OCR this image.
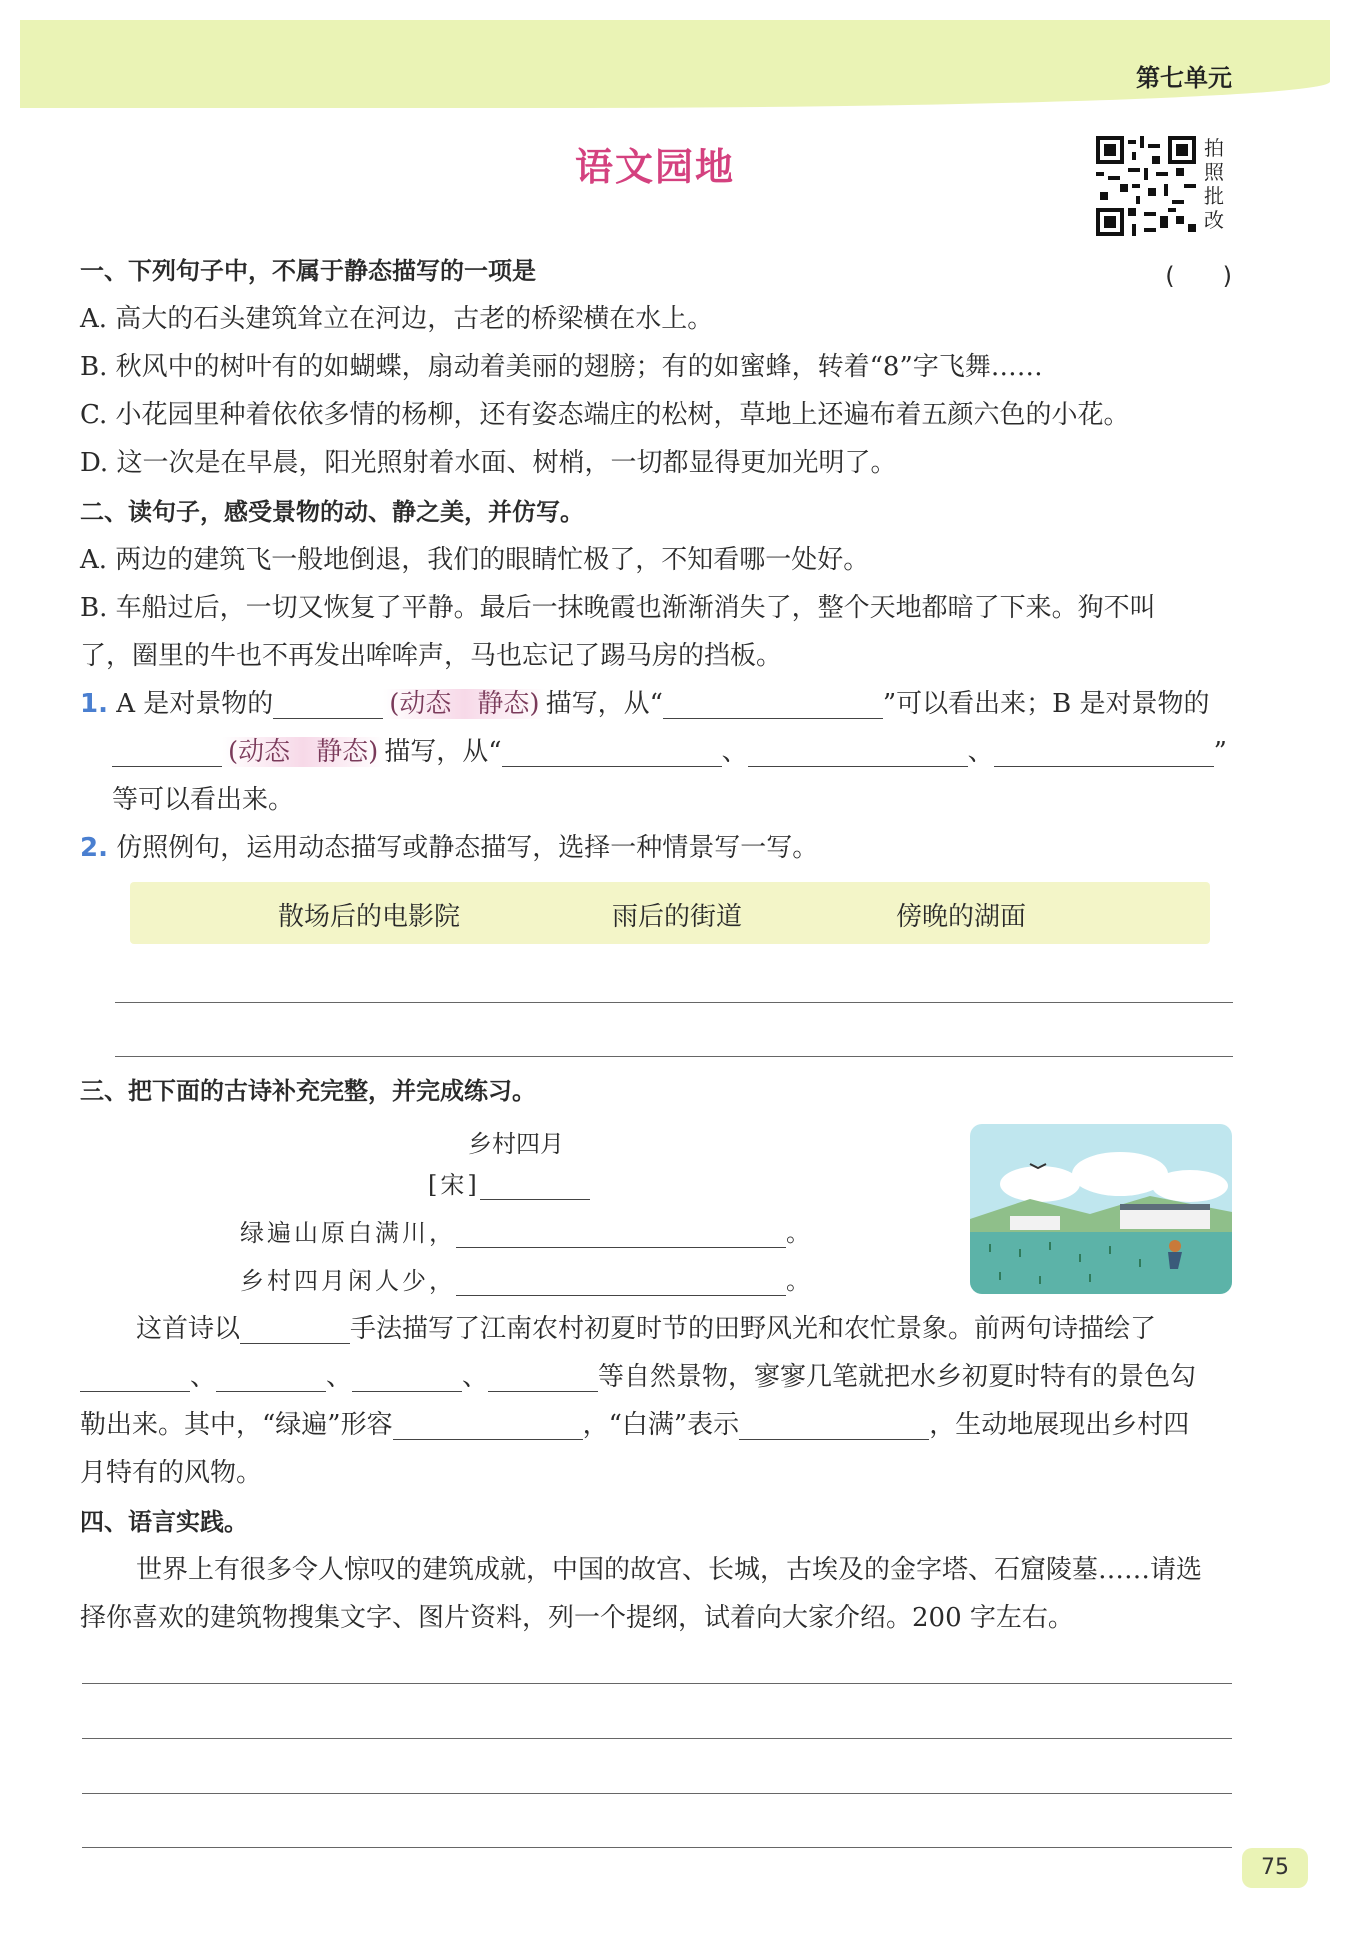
第七单元
语文园地	拍照批改
一、下列句子中，不属于静态描写的一项是	(　　)
A. 高大的石头建筑耸立在河边，古老的桥梁横在水上。
B. 秋风中的树叶有的如蝴蝶，扇动着美丽的翅膀；有的如蜜蜂，转着“8”字飞舞……
C. 小花园里种着依依多情的杨柳，还有姿态端庄的松树，草地上还遍布着五颜六色的小花。
D. 这一次是在早晨，阳光照射着水面、树梢，一切都显得更加光明了。
二、读句子，感受景物的动、静之美，并仿写。
A. 两边的建筑飞一般地倒退，我们的眼睛忙极了，不知看哪一处好。
B. 车船过后，一切又恢复了平静。最后一抹晚霞也渐渐消失了，整个天地都暗了下来。狗不叫
了，圈里的牛也不再发出哞哞声，马也忘记了踢马房的挡板。
1. A 是对景物的	(动态　静态) 描写，从“	”可以看出来；B 是对景物的
(动态　静态) 描写，从“	、	、	”
等可以看出来。
2. 仿照例句，运用动态描写或静态描写，选择一种情景写一写。
散场后的电影院	雨后的街道	傍晚的湖面
三、把下面的古诗补充完整，并完成练习。
乡村四月
[宋]
绿遍山原白满川，	。
乡村四月闲人少，	。
这首诗以	手法描写了江南农村初夏时节的田野风光和农忙景象。前两句诗描绘了
、	、	、	等自然景物，寥寥几笔就把水乡初夏时特有的景色勾
勒出来。其中，“绿遍”形容	，“白满”表示	，生动地展现出乡村四
月特有的风物。
四、语言实践。
世界上有很多令人惊叹的建筑成就，中国的故宫、长城，古埃及的金字塔、石窟陵墓……请选
择你喜欢的建筑物搜集文字、图片资料，列一个提纲，试着向大家介绍。200 字左右。
75
